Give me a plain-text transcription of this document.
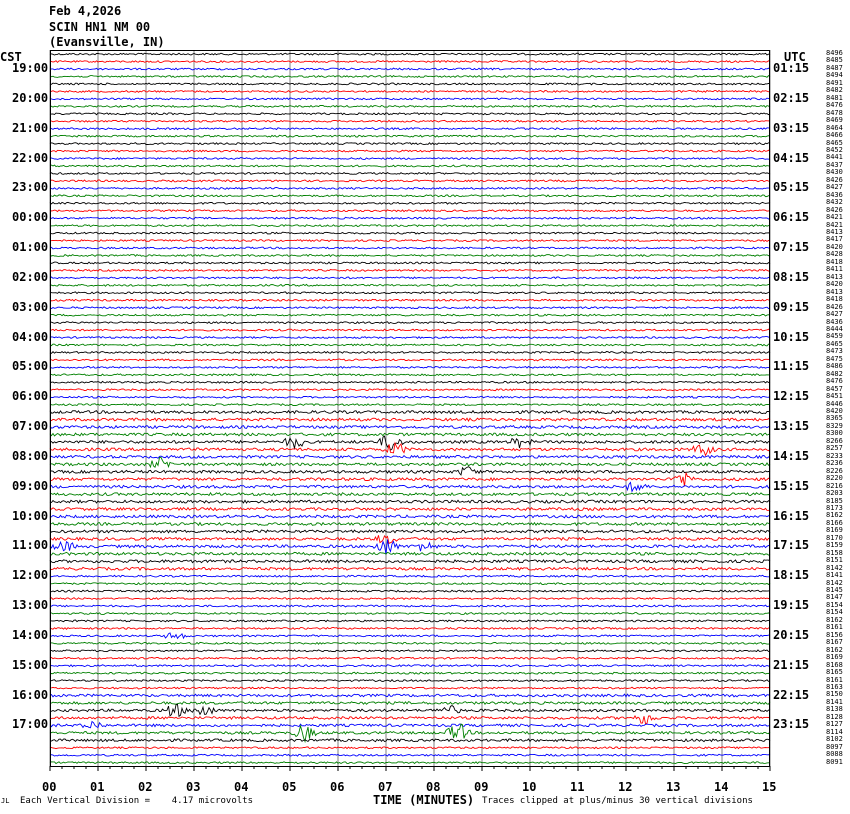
Feb 4,2026
SCIN HN1 NM 00
(Evansville, IN)
CST	UTC
19:00
20:00
21:00
22:00
23:00
00:00
01:00
02:00
03:00
04:00
05:00
06:00
07:00
08:00
09:00
10:00
11:00
12:00
13:00
14:00
15:00
16:00
17:00
01:15
02:15
03:15
04:15
05:15
06:15
07:15
08:15
09:15
10:15
11:15
12:15
13:15
14:15
15:15
16:15
17:15
18:15
19:15
20:15
21:15
22:15
23:15
8496
8485
8487
8494
8491
8482
8481
8476
8478
8469
8464
8466
8465
8452
8441
8437
8430
8426
8427
8436
8432
8426
8421
8421
8413
8417
8420
8428
8418
8411
8413
8420
8413
8418
8426
8427
8436
8444
8459
8465
8473
8475
8486
8482
8476
8457
8451
8446
8420
8365
8329
8300
8266
8257
8233
8236
8226
8220
8216
8203
8185
8173
8162
8166
8169
8170
8159
8158
8151
8142
8141
8142
8145
8147
8154
8154
8162
8161
8156
8167
8162
8169
8168
8165
8161
8163
8150
8141
8138
8128
8127
8114
8102
8097
8088
8091
00	01	02	03	04	05	06	07	08	09	10	11	12	13	14	15
TIME (MINUTES)
JL Each Vertical Division =    4.17 microvolts	Traces clipped at plus/minus 30 vertical divisions
